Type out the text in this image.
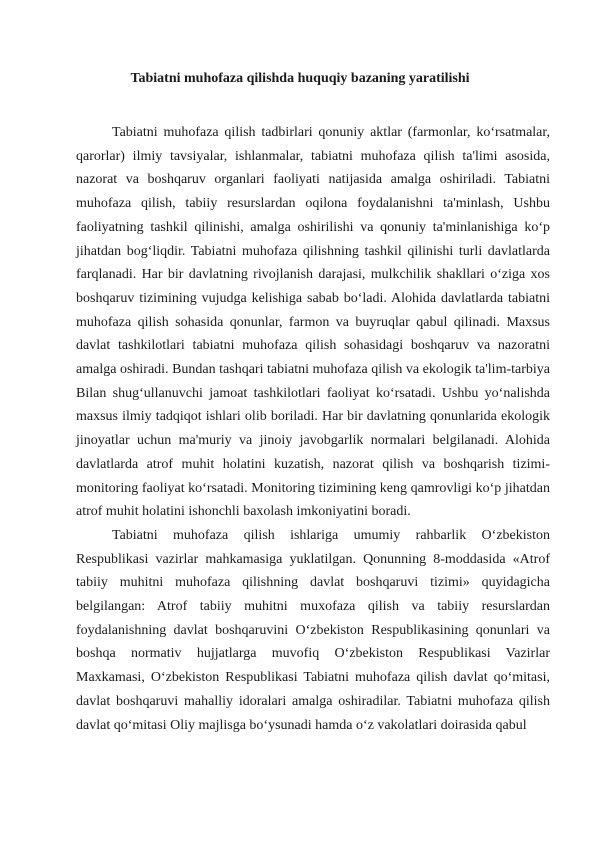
Tabiatni muhofaza qilishda huquqiy bazaning yaratilishi

Tabiatni muhofaza qilish tadbirlari qonuniy aktlar (farmonlar, ko‘rsatmalar, qarorlar) ilmiy tavsiyalar, ishlanmalar, tabiatni muhofaza qilish ta'limi asosida, nazorat va boshqaruv organlari faoliyati natijasida amalga oshiriladi. Tabiatni muhofaza qilish, tabiiy resurslardan oqilona foydalanishni ta'minlash, Ushbu faoliyatning tashkil qilinishi, amalga oshirilishi va qonuniy ta'minlanishiga ko‘p jihatdan bog‘liqdir. Tabiatni muhofaza qilishning tashkil qilinishi turli davlatlarda farqlanadi. Har bir davlatning rivojlanish darajasi, mulkchilik shakllari o‘ziga xos boshqaruv tizimining vujudga kelishiga sabab bo‘ladi. Alohida davlatlarda tabiatni muhofaza qilish sohasida qonunlar, farmon va buyruqlar qabul qilinadi. Maxsus davlat tashkilotlari tabiatni muhofaza qilish sohasidagi boshqaruv va nazoratni amalga oshiradi. Bundan tashqari tabiatni muhofaza qilish va ekologik ta'lim-tarbiya Bilan shug‘ullanuvchi jamoat tashkilotlari faoliyat ko‘rsatadi. Ushbu yo‘nalishda maxsus ilmiy tadqiqot ishlari olib boriladi. Har bir davlatning qonunlarida ekologik jinoyatlar uchun ma'muriy va jinoiy javobgarlik normalari belgilanadi. Alohida davlatlarda atrof muhit holatini kuzatish, nazorat qilish va boshqarish tizimi-monitoring faoliyat ko‘rsatadi. Monitoring tizimining keng qamrovligi ko‘p jihatdan atrof muhit holatini ishonchli baxolash imkoniyatini boradi.

Tabiatni muhofaza qilish ishlariga umumiy rahbarlik O‘zbekiston Respublikasi vazirlar mahkamasiga yuklatilgan. Qonunning 8-moddasida «Atrof tabiiy muhitni muhofaza qilishning davlat boshqaruvi tizimi» quyidagicha belgilangan: Atrof tabiiy muhitni muxofaza qilish va tabiiy resurslardan foydalanishning davlat boshqaruvini O‘zbekiston Respublikasining qonunlari va boshqa normativ hujjatlarga muvofiq O‘zbekiston Respublikasi Vazirlar Maxkamasi, O‘zbekiston Respublikasi Tabiatni muhofaza qilish davlat qo‘mitasi, davlat boshqaruvi mahalliy idoralari amalga oshiradilar. Tabiatni muhofaza qilish davlat qo‘mitasi Oliy majlisga bo‘ysunadi hamda o‘z vakolatlari doirasida qabul
